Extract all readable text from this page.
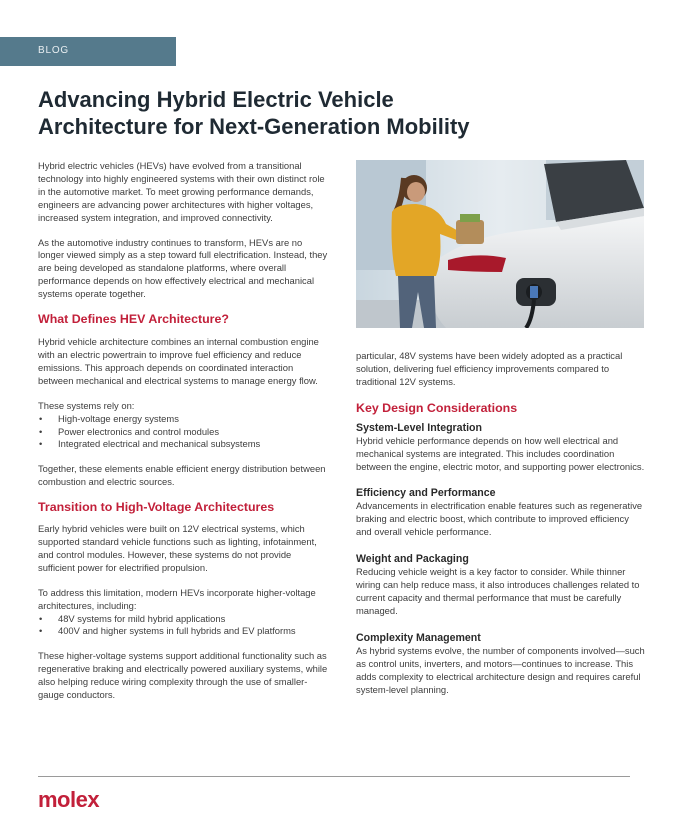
BLOG
Advancing Hybrid Electric Vehicle
Architecture for Next-Generation Mobility

Hybrid electric vehicles (HEVs) have evolved from a transitional technology into highly engineered systems with their own distinct role in the automotive market. To meet growing performance demands, engineers are advancing power architectures with higher voltages, increased system integration, and improved connectivity.

As the automotive industry continues to transform, HEVs are no longer viewed simply as a step toward full electrification. Instead, they are being developed as standalone platforms, where overall performance depends on how effectively electrical and mechanical systems operate together.

What Defines HEV Architecture?

Hybrid vehicle architecture combines an internal combustion engine with an electric powertrain to improve fuel efficiency and reduce emissions. This approach depends on coordinated interaction between mechanical and electrical systems to manage energy flow.

These systems rely on:

• High-voltage energy systems
• Power electronics and control modules
• Integrated electrical and mechanical subsystems

Together, these elements enable efficient energy distribution between combustion and electric sources.

Transition to High-Voltage Architectures

Early hybrid vehicles were built on 12V electrical systems, which supported standard vehicle functions such as lighting, infotainment, and control modules. However, these systems do not provide sufficient power for electrified propulsion.

To address this limitation, modern HEVs incorporate higher-voltage architectures, including:

• 48V systems for mild hybrid applications
• 400V and higher systems in full hybrids and EV platforms

These higher-voltage systems support additional functionality such as regenerative braking and electrically powered auxiliary systems, while also helping reduce wiring complexity through the use of smaller-gauge conductors.

particular, 48V systems have been widely adopted as a practical solution, delivering fuel efficiency improvements compared to traditional 12V systems.

Key Design Considerations
System-Level Integration

Hybrid vehicle performance depends on how well electrical and mechanical systems are integrated. This includes coordination between the engine, electric motor, and supporting power electronics.

Efficiency and Performance

Advancements in electrification enable features such as regenerative braking and electric boost, which contribute to improved efficiency and overall vehicle performance.

Weight and Packaging

Reducing vehicle weight is a key factor to consider. While thinner wiring can help reduce mass, it also introduces challenges related to current capacity and thermal performance that must be carefully managed.

Complexity Management

As hybrid systems evolve, the number of components involved—such as control units, inverters, and motors—continues to increase. This adds complexity to electrical architecture design and requires careful system-level planning.

molex
